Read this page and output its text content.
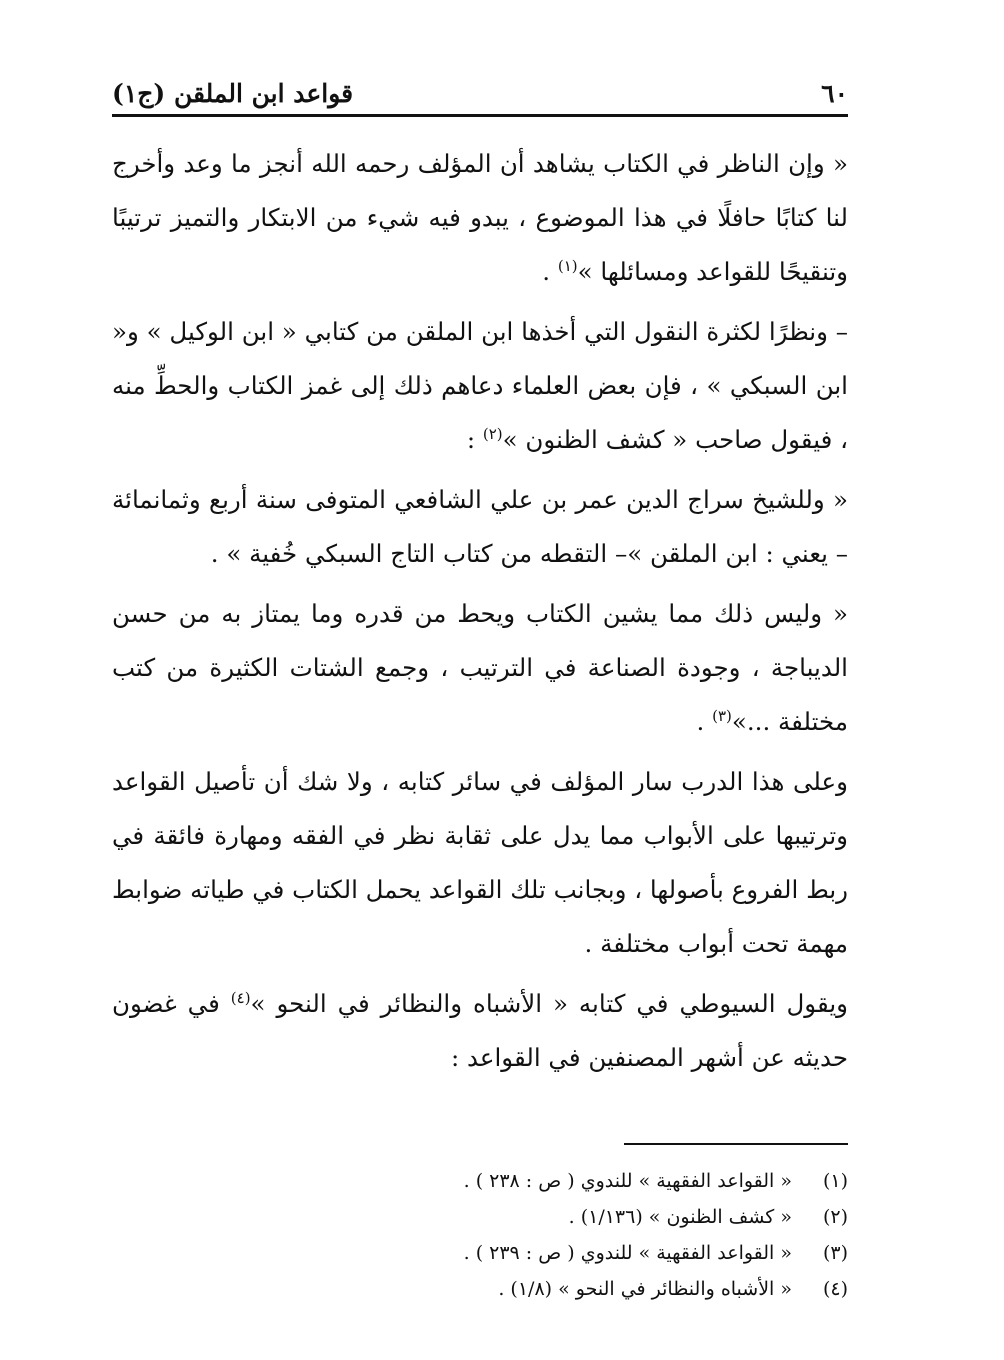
٦٠
قواعد ابن الملقن (ج١)

« وإن الناظر في الكتاب يشاهد أن المؤلف رحمه الله أنجز ما وعد وأخرج لنا كتابًا حافلًا في هذا الموضوع ، يبدو فيه شيء من الابتكار والتميز ترتيبًا وتنقيحًا للقواعد ومسائلها »$^{(١)}$ .

– ونظرًا لكثرة النقول التي أخذها ابن الملقن من كتابي « ابن الوكيل » و« ابن السبكي » ، فإن بعض العلماء دعاهم ذلك إلى غمز الكتاب والحطِّ منه ، فيقول صاحب « كشف الظنون »$^{(٢)}$ :

« وللشيخ سراج الدين عمر بن علي الشافعي المتوفى سنة أربع وثمانمائة – يعني : ابن الملقن »– التقطه من كتاب التاج السبكي خُفية » .

« وليس ذلك مما يشين الكتاب ويحط من قدره وما يمتاز به من حسن الديباجة ، وجودة الصناعة في الترتيب ، وجمع الشتات الكثيرة من كتب مختلفة ...»$^{(٣)}$ .

وعلى هذا الدرب سار المؤلف في سائر كتابه ، ولا شك أن تأصيل القواعد وترتيبها على الأبواب مما يدل على ثقابة نظر في الفقه ومهارة فائقة في ربط الفروع بأصولها ، وبجانب تلك القواعد يحمل الكتاب في طياته ضوابط مهمة تحت أبواب مختلفة .

ويقول السيوطي في كتابه « الأشباه والنظائر في النحو »$^{(٤)}$ في غضون حديثه عن أشهر المصنفين في القواعد :

(١)
« القواعد الفقهية » للندوي ( ص : ٢٣٨ ) .
(٢)
« كشف الظنون » (١/١٣٦) .
(٣)
« القواعد الفقهية » للندوي ( ص : ٢٣٩ ) .
(٤)
« الأشباه والنظائر في النحو » (١/٨) .
